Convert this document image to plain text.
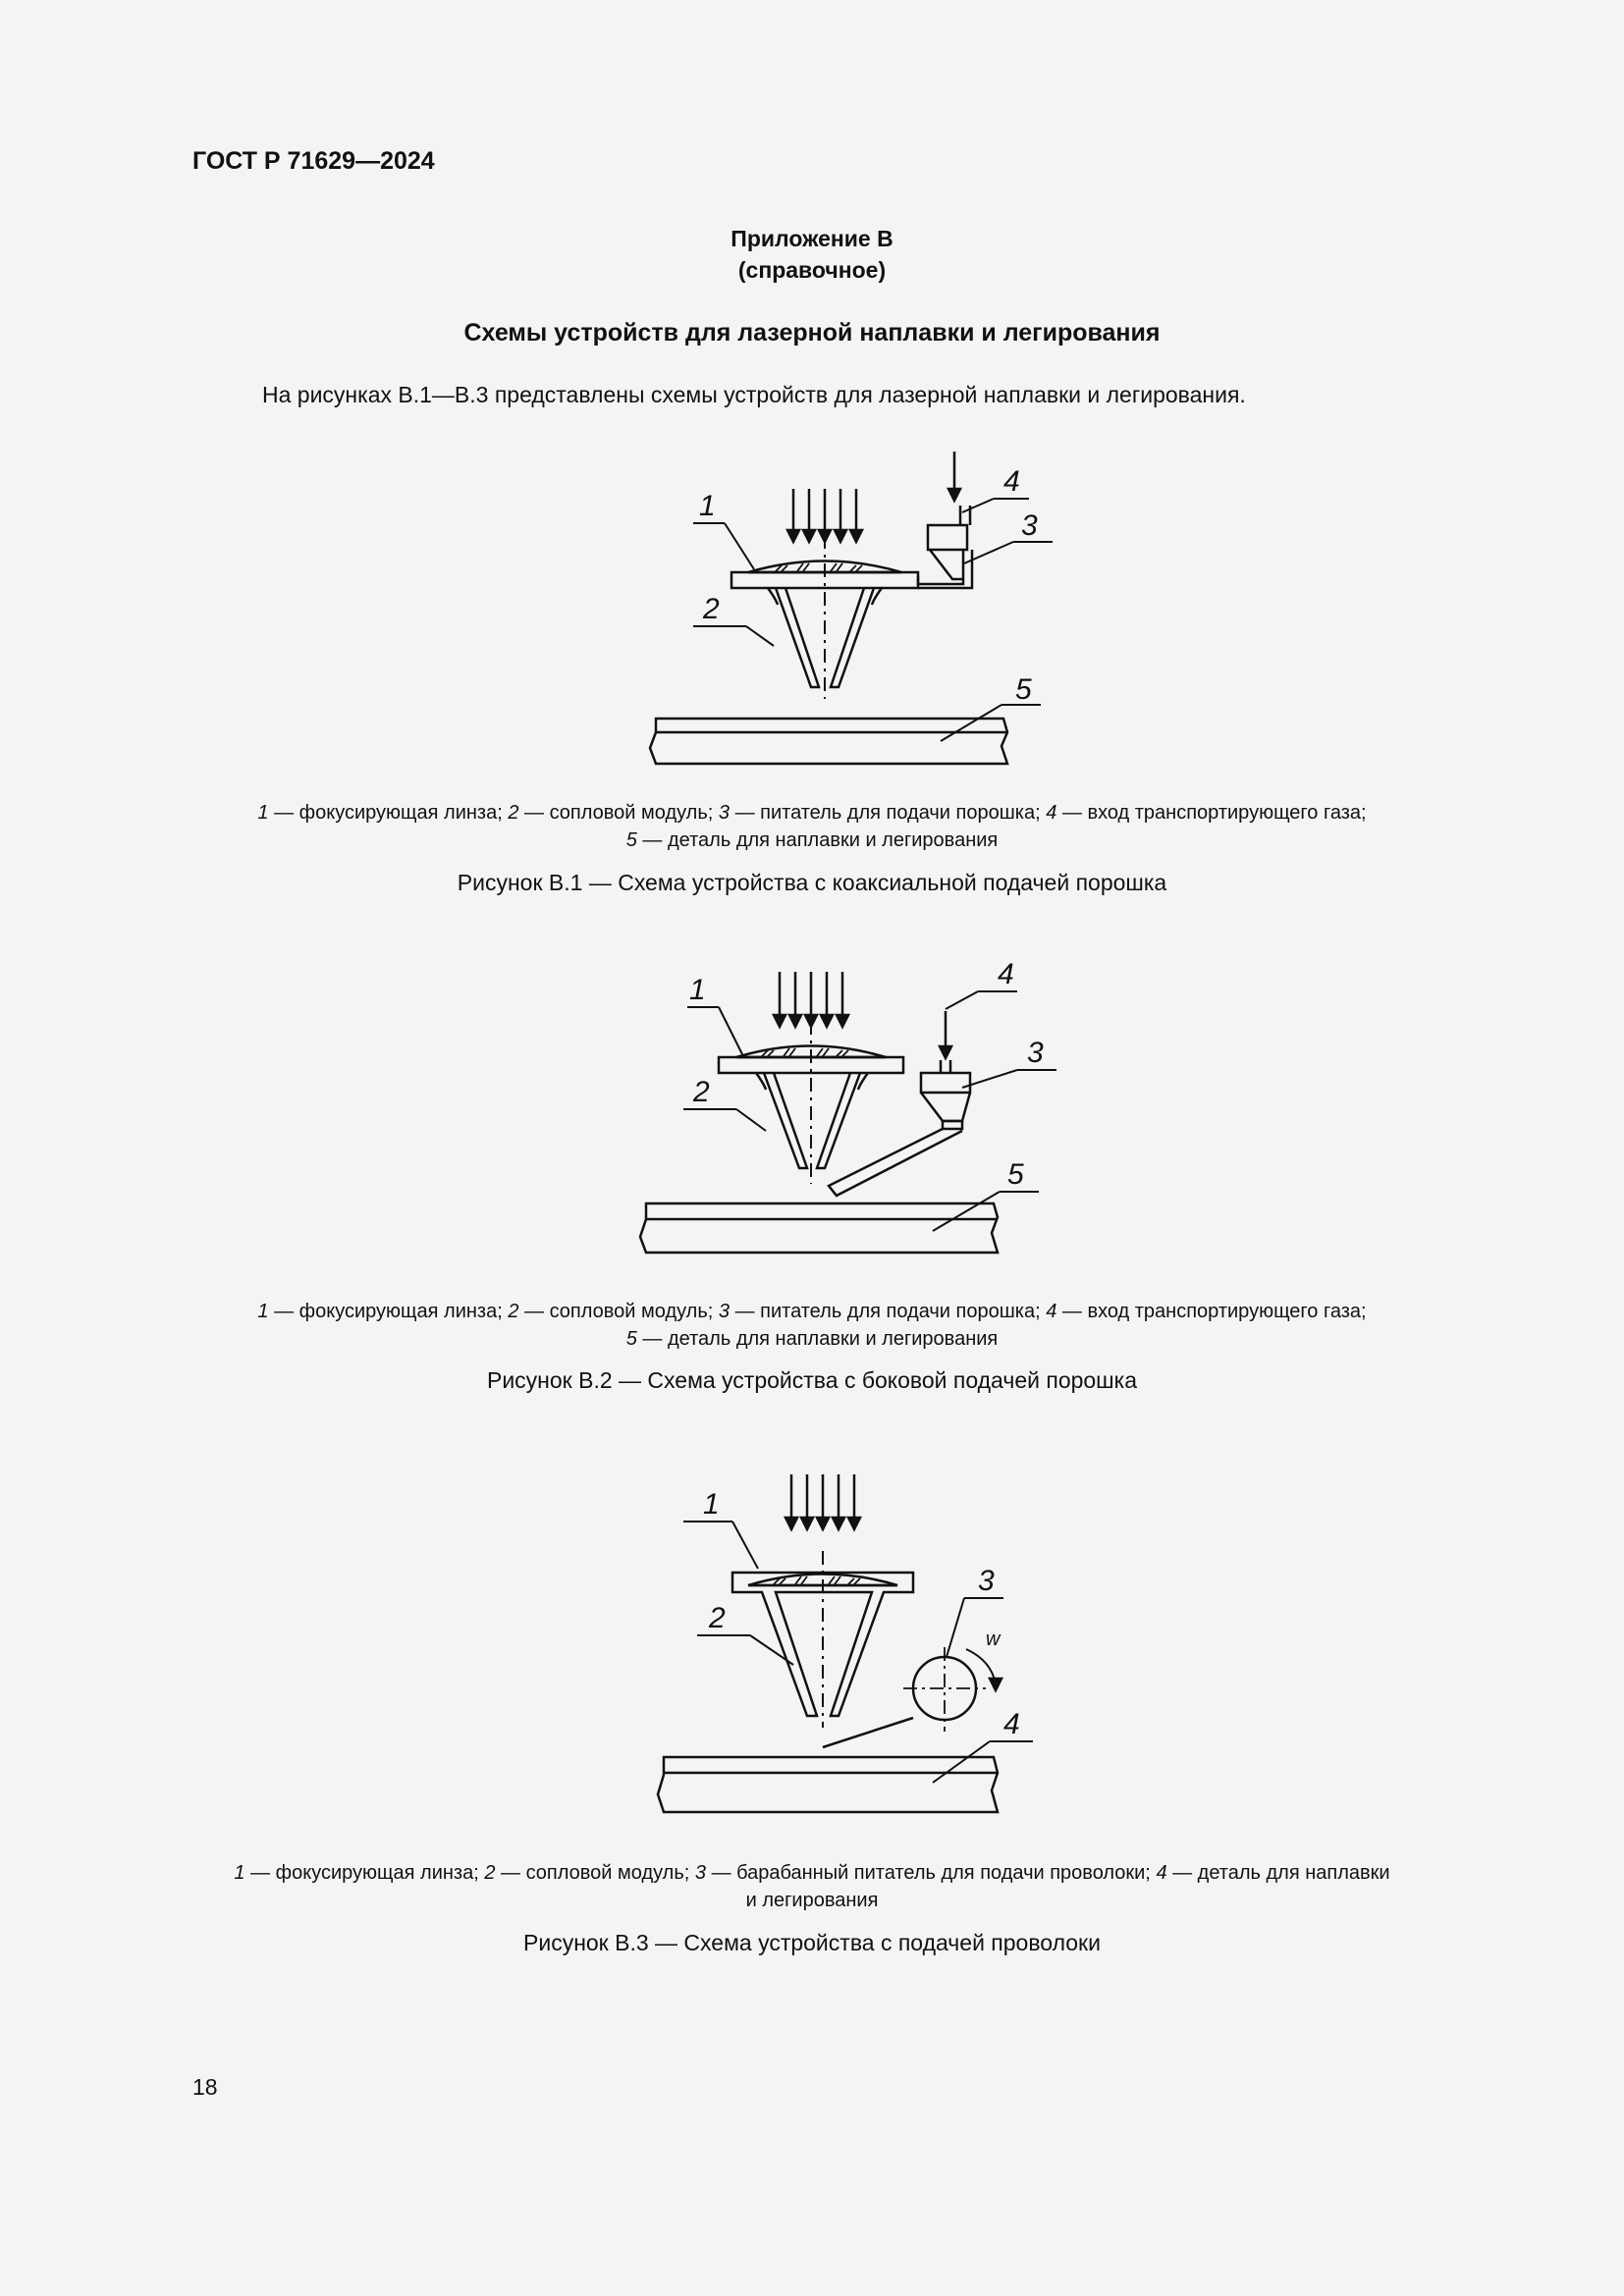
ГОСТ Р 71629—2024
Приложение В
(справочное)
Схемы устройств для лазерной наплавки и легирования
На рисунках В.1—В.3 представлены схемы устройств для лазерной наплавки и легирования.
1
2
3
4
5
1 — фокусирующая линза; 2 — сопловой модуль; 3 — питатель для подачи порошка; 4 — вход транспортирующего газа;
5 — деталь для наплавки и легирования
Рисунок В.1 — Схема устройства с коаксиальной подачей порошка
1
2
3
4
5
1 — фокусирующая линза; 2 — сопловой модуль; 3 — питатель для подачи порошка; 4 — вход транспортирующего газа;
5 — деталь для наплавки и легирования
Рисунок В.2 — Схема устройства с боковой подачей порошка
1
2
3
4
w
1 — фокусирующая линза; 2 — сопловой модуль; 3 — барабанный питатель для подачи проволоки; 4 — деталь для наплавки
и легирования
Рисунок В.3 — Схема устройства с подачей проволоки
18
